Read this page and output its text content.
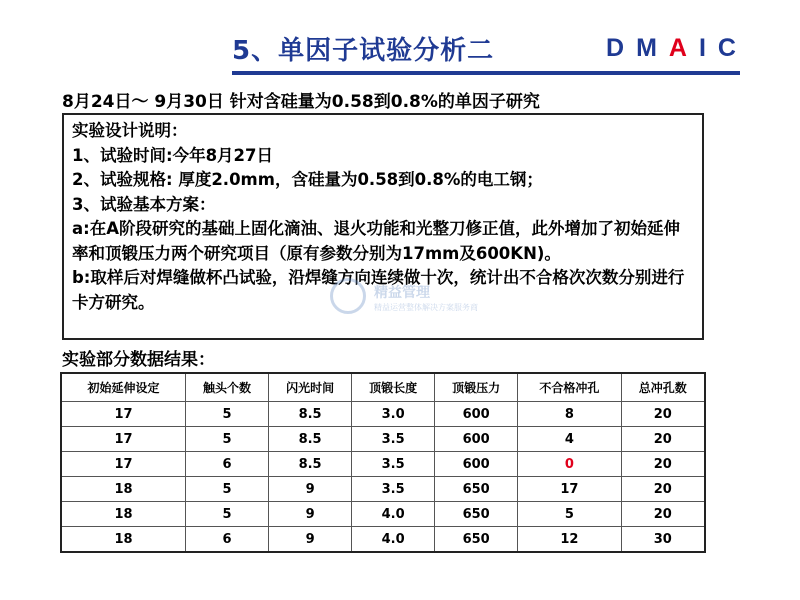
5、单因子试验分析二	DMAIC
8月24日～ 9月30日 针对含硅量为0.58到0.8%的单因子研究
实验设计说明：
1、试验时间:今年8月27日
2、试验规格: 厚度2.0mm，含硅量为0.58到0.8%的电工钢；
3、试验基本方案：
a:在A阶段研究的基础上固化滴油、退火功能和光整刀修正值，此外增加了初始延伸率和顶锻压力两个研究项目（原有参数分别为17mm及600KN)。
b:取样后对焊缝做杯凸试验，沿焊缝方向连续做十次，统计出不合格次次数分别进行卡方研究。	精益管理
精益运营整体解决方案服务商
实验部分数据结果：
初始延伸设定	触头个数	闪光时间	顶锻长度	顶锻压力	不合格冲孔	总冲孔数
17	5	8.5	3.0	600	8	20
17	5	8.5	3.5	600	4	20
17	6	8.5	3.5	600	0	20
18	5	9	3.5	650	17	20
18	5	9	4.0	650	5	20
18	6	9	4.0	650	12	30
